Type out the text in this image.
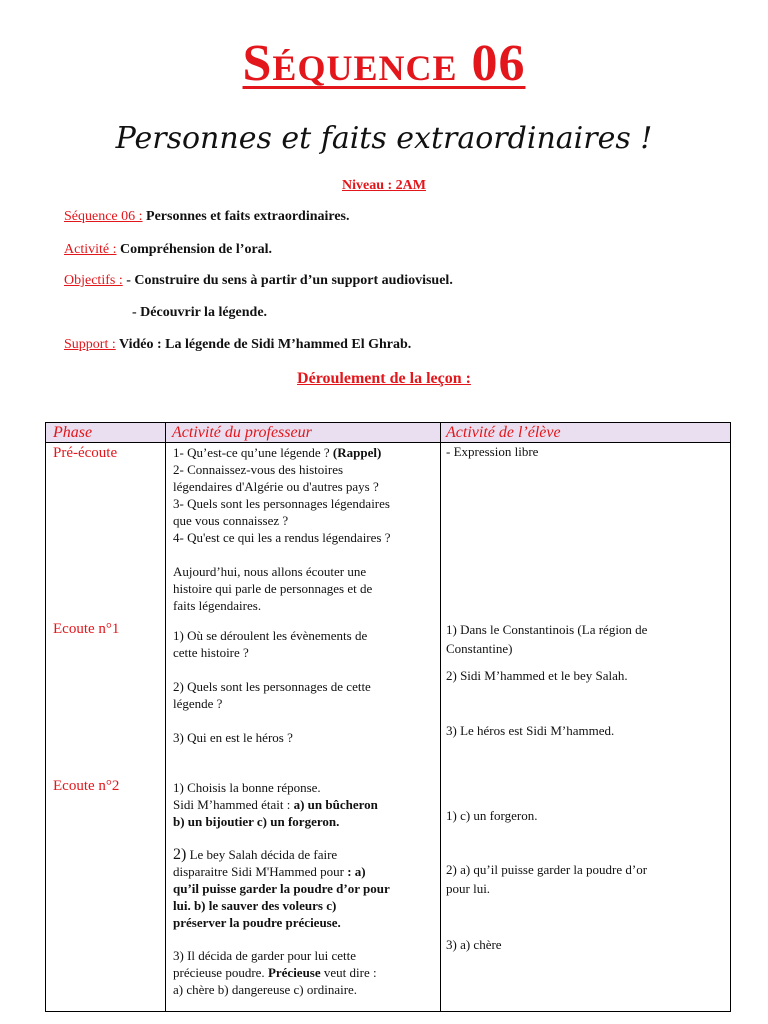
Séquence 06
Personnes et faits extraordinaires !
Niveau : 2AM
Séquence 06 : Personnes et faits extraordinaires.
Activité : Compréhension de l’oral.
Objectifs : - Construire du sens à partir d’un support audiovisuel.
- Découvrir la légende.
Support : Vidéo : La légende de Sidi M’hammed El Ghrab.
Déroulement de la leçon :
Phase	Activité du professeur	Activité de l’élève
Pré-écoute
Ecoute n°1
Ecoute n°2
1- Qu’est-ce qu’une légende ? (Rappel)
2- Connaissez-vous des histoires
légendaires d'Algérie ou d'autres pays ?
3- Quels sont les personnages légendaires
que vous connaissez ?
4- Qu'est ce qui les a rendus légendaires ?
Aujourd’hui, nous allons écouter une
histoire qui parle de personnages et de
faits légendaires.
- Expression libre
1) Où se déroulent les évènements de
cette histoire ?
2) Quels sont les personnages de cette
légende ?
3) Qui en est le héros ?
1) Dans le Constantinois (La région de
Constantine)
2) Sidi M’hammed et le bey Salah.
3) Le héros est Sidi M’hammed.
1) Choisis la bonne réponse.
Sidi M’hammed était : a) un bûcheron
b) un bijoutier c) un forgeron.
2) Le bey Salah décida de faire
disparaitre Sidi M'Hammed pour : a)
qu’il puisse garder la poudre d’or pour
lui. b) le sauver des voleurs c)
préserver la poudre précieuse.
3) Il décida de garder pour lui cette
précieuse poudre. Précieuse veut dire :
a) chère b) dangereuse c) ordinaire.
1) c) un forgeron.
2) a) qu’il puisse garder la poudre d’or
pour lui.
3) a) chère
